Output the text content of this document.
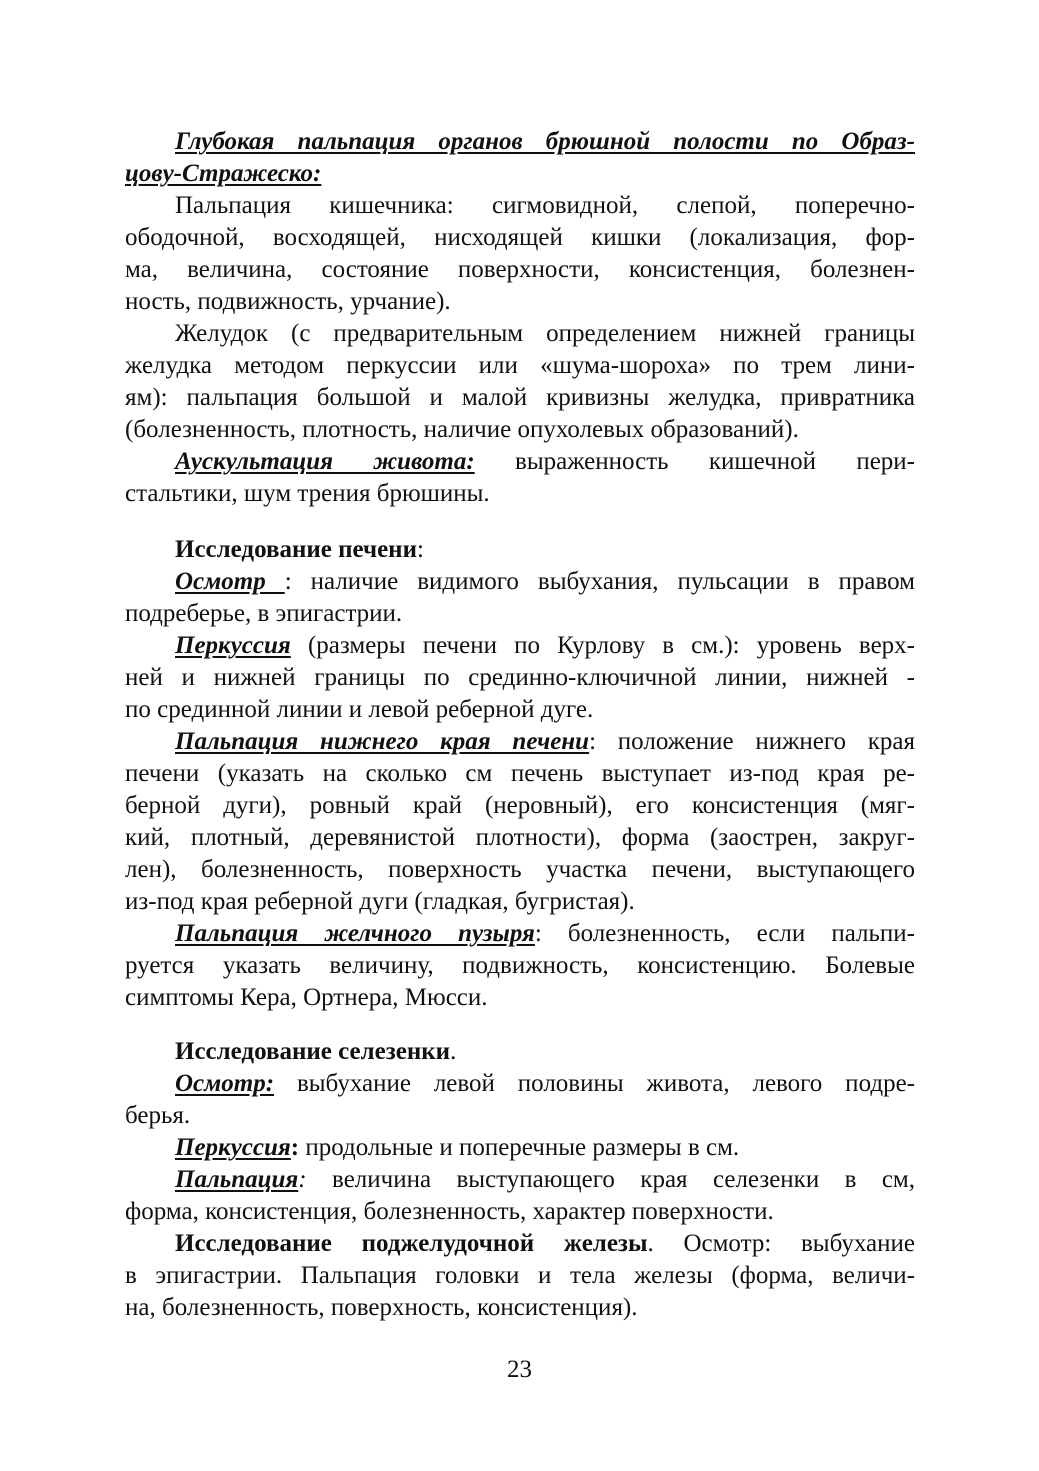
Глубокая пальпация органов брюшной полости по Образ-
цову-Стражеско:
Пальпация кишечника: сигмовидной, слепой, поперечно-
ободочной, восходящей, нисходящей кишки (локализация, фор-
ма, величина, состояние поверхности, консистенция, болезнен-
ность, подвижность, урчание).
Желудок (с предварительным определением нижней границы
желудка методом перкуссии или «шума-шороха» по трем лини-
ям): пальпация большой и малой кривизны желудка, привратника
(болезненность, плотность, наличие опухолевых образований).
Аускультация живота: выраженность кишечной пери-
стальтики, шум трения брюшины.
Исследование печени:
Осмотр : наличие видимого выбухания, пульсации в правом
подреберье, в эпигастрии.
Перкуссия (размеры печени по Курлову в см.): уровень верх-
ней и нижней границы по срединно-ключичной линии, нижней -
по срединной линии и левой реберной дуге.
Пальпация нижнего края печени: положение нижнего края
печени (указать на сколько см печень выступает из-под края ре-
берной дуги), ровный край (неровный), его консистенция (мяг-
кий, плотный, деревянистой плотности), форма (заострен, закруг-
лен), болезненность, поверхность участка печени, выступающего
из-под края реберной дуги (гладкая, бугристая).
Пальпация желчного пузыря: болезненность, если пальпи-
руется указать величину, подвижность, консистенцию. Болевые
симптомы Кера, Ортнера, Мюсси.
Исследование селезенки.
Осмотр: выбухание левой половины живота, левого подре-
берья.
Перкуссия: продольные и поперечные размеры в см.
Пальпация: величина выступающего края селезенки в см,
форма, консистенция, болезненность, характер поверхности.
Исследование поджелудочной железы. Осмотр: выбухание
в эпигастрии. Пальпация головки и тела железы (форма, величи-
на, болезненность, поверхность, консистенция).
23
